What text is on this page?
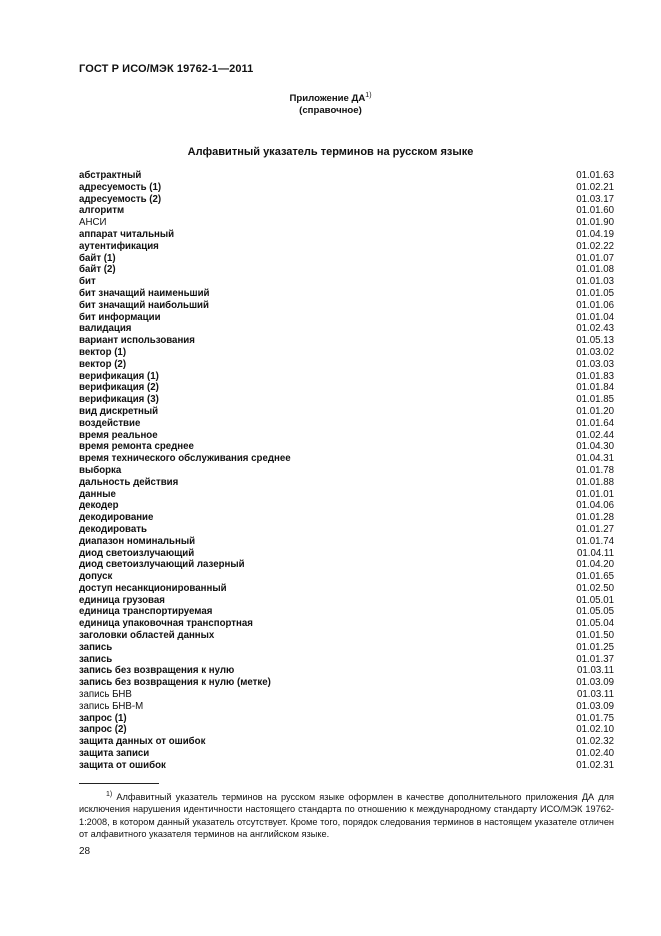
ГОСТ Р ИСО/МЭК 19762-1—2011
Приложение ДА$^{1)}$
(справочное)
Алфавитный указатель терминов на русском языке
абстрактный	01.01.63
адресуемость (1)	01.02.21
адресуемость (2)	01.03.17
алгоритм	01.01.60
АНСИ	01.01.90
аппарат читальный	01.04.19
аутентификация	01.02.22
байт (1)	01.01.07
байт (2)	01.01.08
бит	01.01.03
бит значащий наименьший	01.01.05
бит значащий наибольший	01.01.06
бит информации	01.01.04
валидация	01.02.43
вариант использования	01.05.13
вектор (1)	01.03.02
вектор (2)	01.03.03
верификация (1)	01.01.83
верификация (2)	01.01.84
верификация (3)	01.01.85
вид дискретный	01.01.20
воздействие	01.01.64
время реальное	01.02.44
время ремонта среднее	01.04.30
время технического обслуживания среднее	01.04.31
выборка	01.01.78
дальность действия	01.01.88
данные	01.01.01
декодер	01.04.06
декодирование	01.01.28
декодировать	01.01.27
диапазон номинальный	01.01.74
диод светоизлучающий	01.04.11
диод светоизлучающий лазерный	01.04.20
допуск	01.01.65
доступ несанкционированный	01.02.50
единица грузовая	01.05.01
единица транспортируемая	01.05.05
единица упаковочная транспортная	01.05.04
заголовки областей данных	01.01.50
запись	01.01.25
запись	01.01.37
запись без возвращения к нулю	01.03.11
запись без возвращения к нулю (метке)	01.03.09
запись БНВ	01.03.11
запись БНВ-М	01.03.09
запрос (1)	01.01.75
запрос (2)	01.02.10
защита данных от ошибок	01.02.32
защита записи	01.02.40
защита от ошибок	01.02.31
$^{1)}$ Алфавитный указатель терминов на русском языке оформлен в качестве дополнительного приложения ДА для исключения нарушения идентичности настоящего стандарта по отношению к международному стандарту ИСО/МЭК 19762-1:2008, в котором данный указатель отсутствует. Кроме того, порядок следования терминов в настоящем указателе отличен от алфавитного указателя терминов на английском языке.
28
